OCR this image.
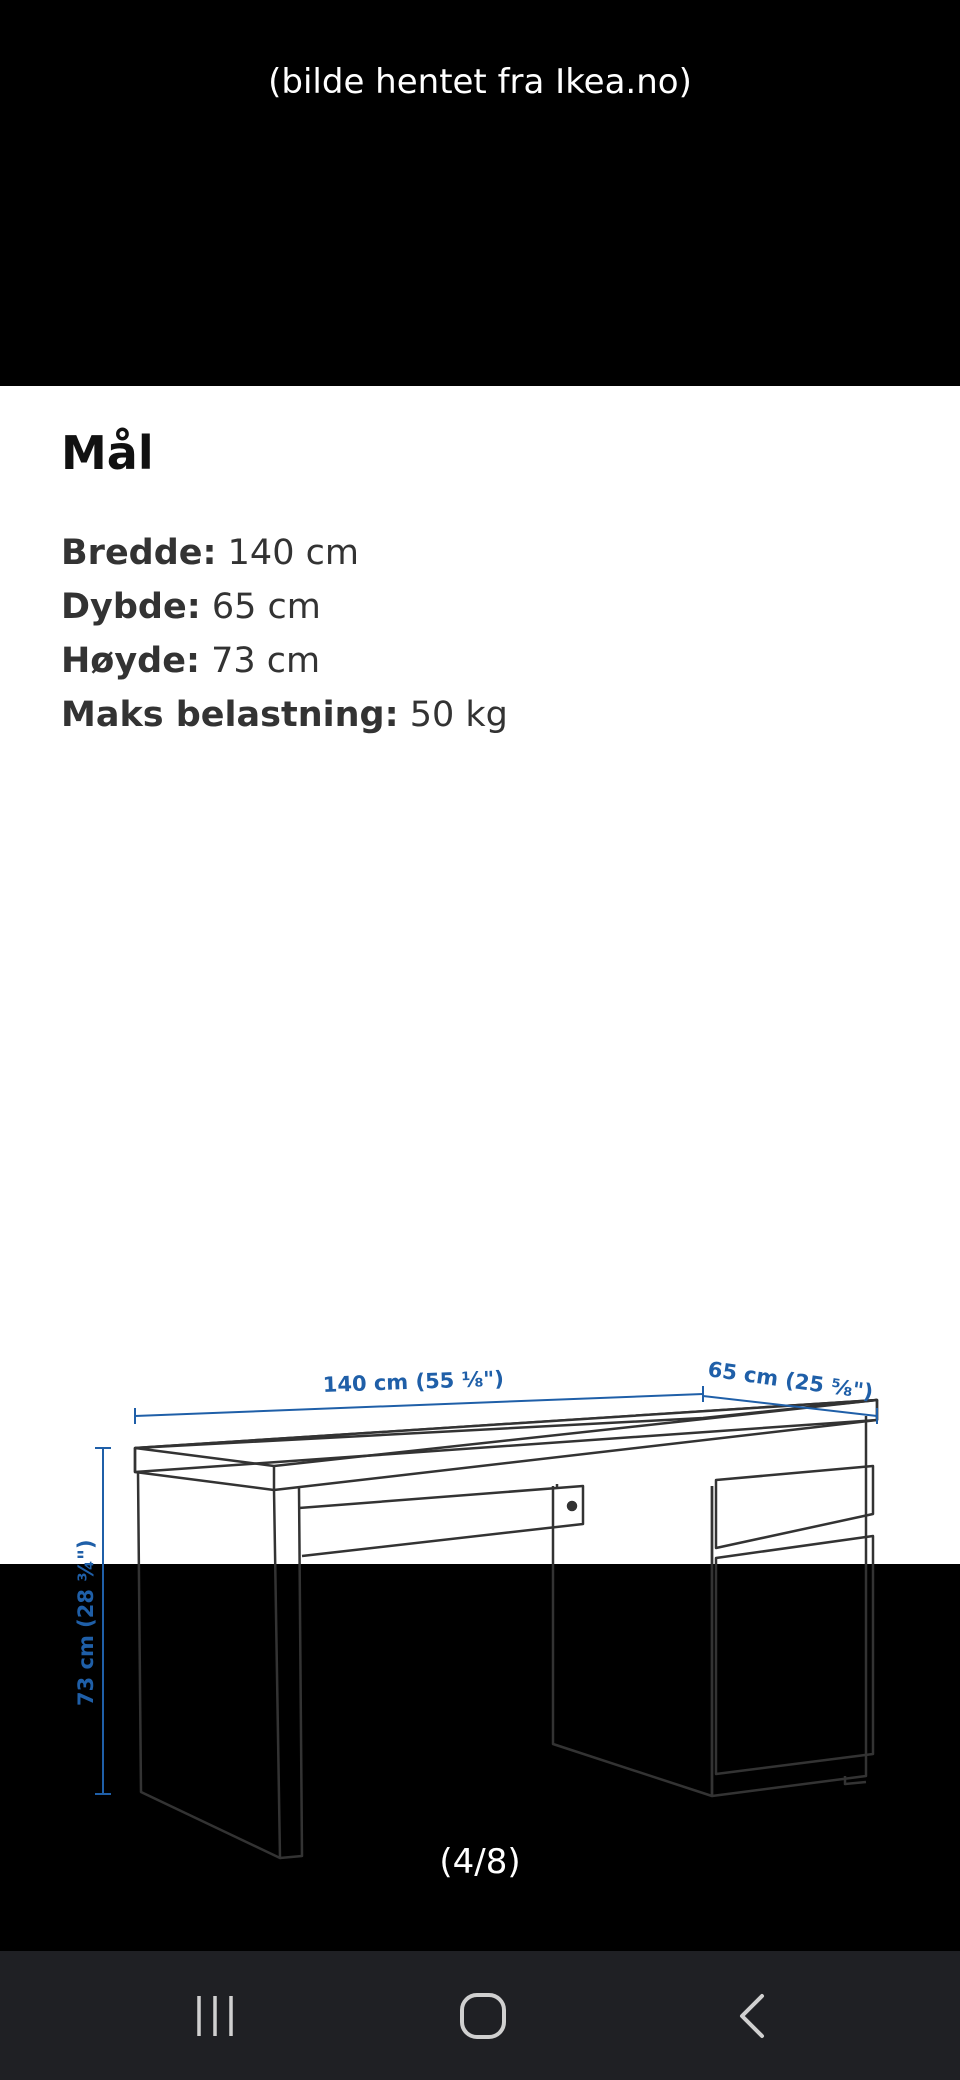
(bilde hentet fra Ikea.no)
Mål
Bredde: 140 cm
Dybde: 65 cm
Høyde: 73 cm
Maks belastning: 50 kg
140 cm (55 ⅛")	65 cm (25 ⅝")
73 cm (28 ¾")
(4/8)
